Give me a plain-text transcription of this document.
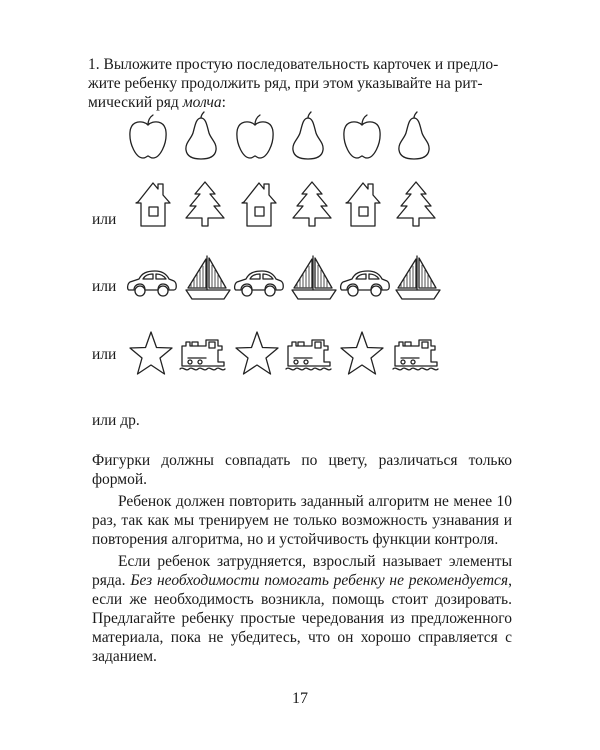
1. Выложите простую последовательность карточек и предло-
жите ребенку продолжить ряд, при этом указывайте на рит-
мический ряд молча:

или
или
или
или др.

Фигурки должны совпадать по цвету, различаться только формой.

Ребенок должен повторить заданный алгоритм не менее 10 раз, так как мы тренируем не только возможность узнавания и повторения алгоритма, но и устойчивость функции контроля.

Если ребенок затрудняется, взрослый называет элементы ряда. Без необходимости помогать ребенку не рекомендуется, если же необходимость возникла, помощь стоит дозировать. Предлагайте ребенку простые чередования из предложенного материала, пока не убедитесь, что он хорошо справляется с заданием.

17
